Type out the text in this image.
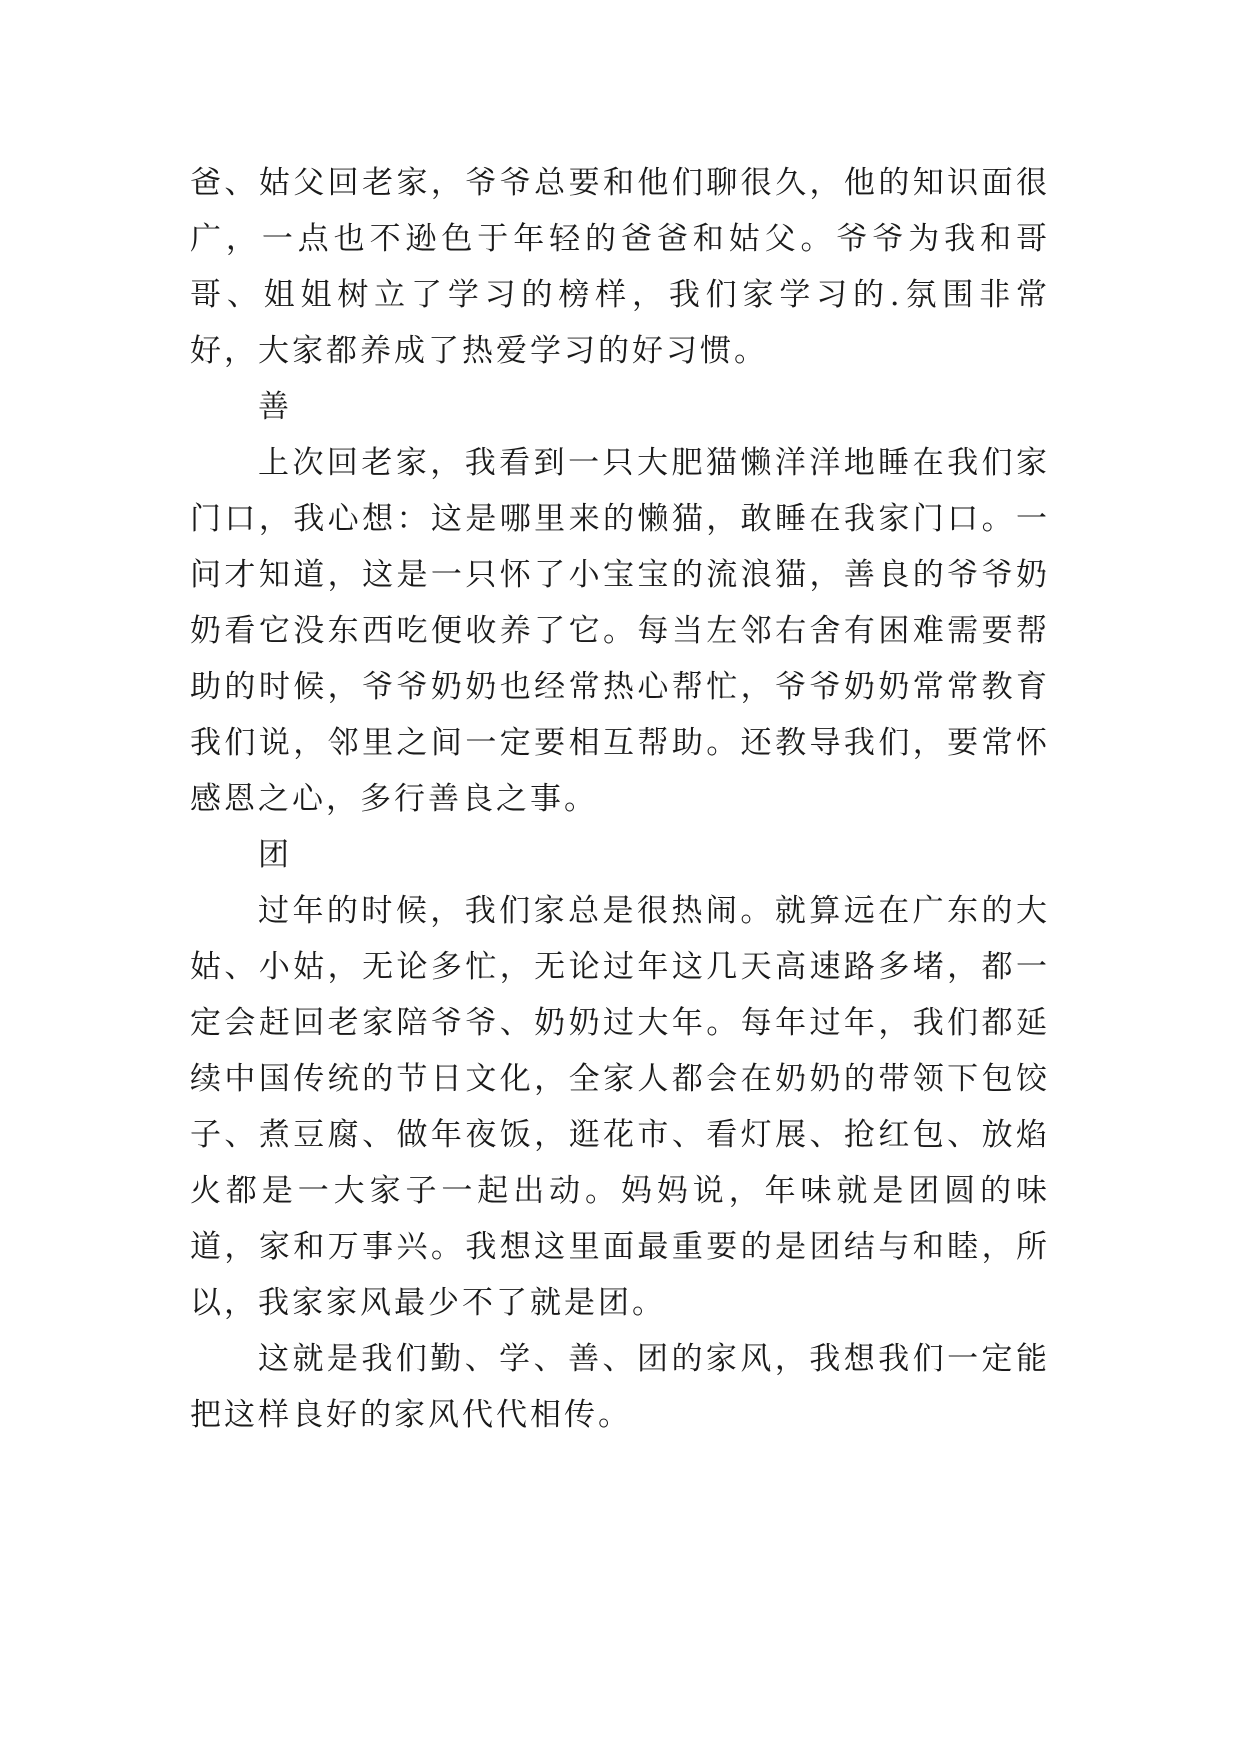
爸、姑父回老家，爷爷总要和他们聊很久，他的知识面很广，一点也不逊色于年轻的爸爸和姑父。爷爷为我和哥哥、姐姐树立了学习的榜样，我们家学习的.氛围非常好，大家都养成了热爱学习的好习惯。

善

上次回老家，我看到一只大肥猫懒洋洋地睡在我们家门口，我心想：这是哪里来的懒猫，敢睡在我家门口。一问才知道，这是一只怀了小宝宝的流浪猫，善良的爷爷奶奶看它没东西吃便收养了它。每当左邻右舍有困难需要帮助的时候，爷爷奶奶也经常热心帮忙，爷爷奶奶常常教育我们说，邻里之间一定要相互帮助。还教导我们，要常怀感恩之心，多行善良之事。

团

过年的时候，我们家总是很热闹。就算远在广东的大姑、小姑，无论多忙，无论过年这几天高速路多堵，都一定会赶回老家陪爷爷、奶奶过大年。每年过年，我们都延续中国传统的节日文化，全家人都会在奶奶的带领下包饺子、煮豆腐、做年夜饭，逛花市、看灯展、抢红包、放焰火都是一大家子一起出动。妈妈说，年味就是团圆的味道，家和万事兴。我想这里面最重要的是团结与和睦，所以，我家家风最少不了就是团。

这就是我们勤、学、善、团的家风，我想我们一定能把这样良好的家风代代相传。
